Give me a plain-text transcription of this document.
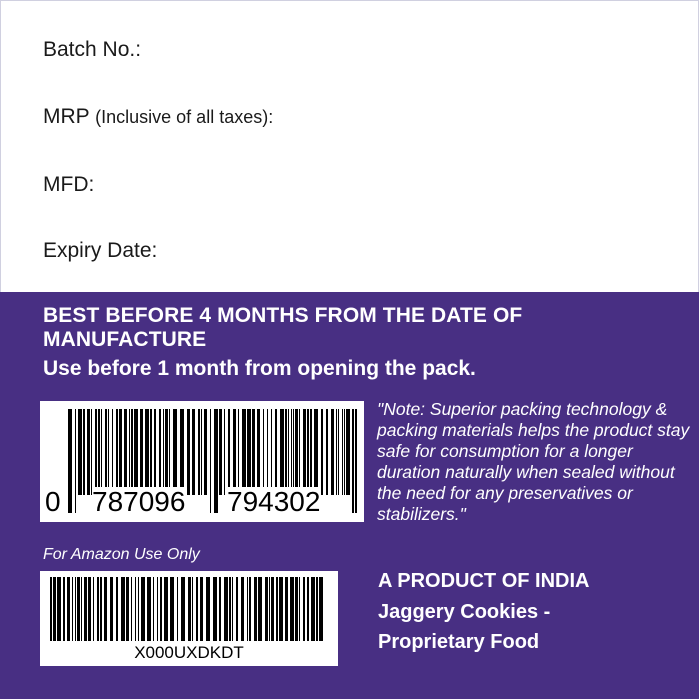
Batch No.:
MRP (Inclusive of all taxes):
MFD:
Expiry Date:
BEST BEFORE 4 MONTHS FROM THE DATE OF
MANUFACTURE
Use before 1 month from opening the pack.
0 787096 794302
"Note: Superior packing technology & packing materials helps the product stay safe for consumption for a longer duration naturally when sealed without the need for any preservatives or stabilizers."
For Amazon Use Only
X000UXDKDT
A PRODUCT OF INDIA
Jaggery Cookies -
Proprietary Food
